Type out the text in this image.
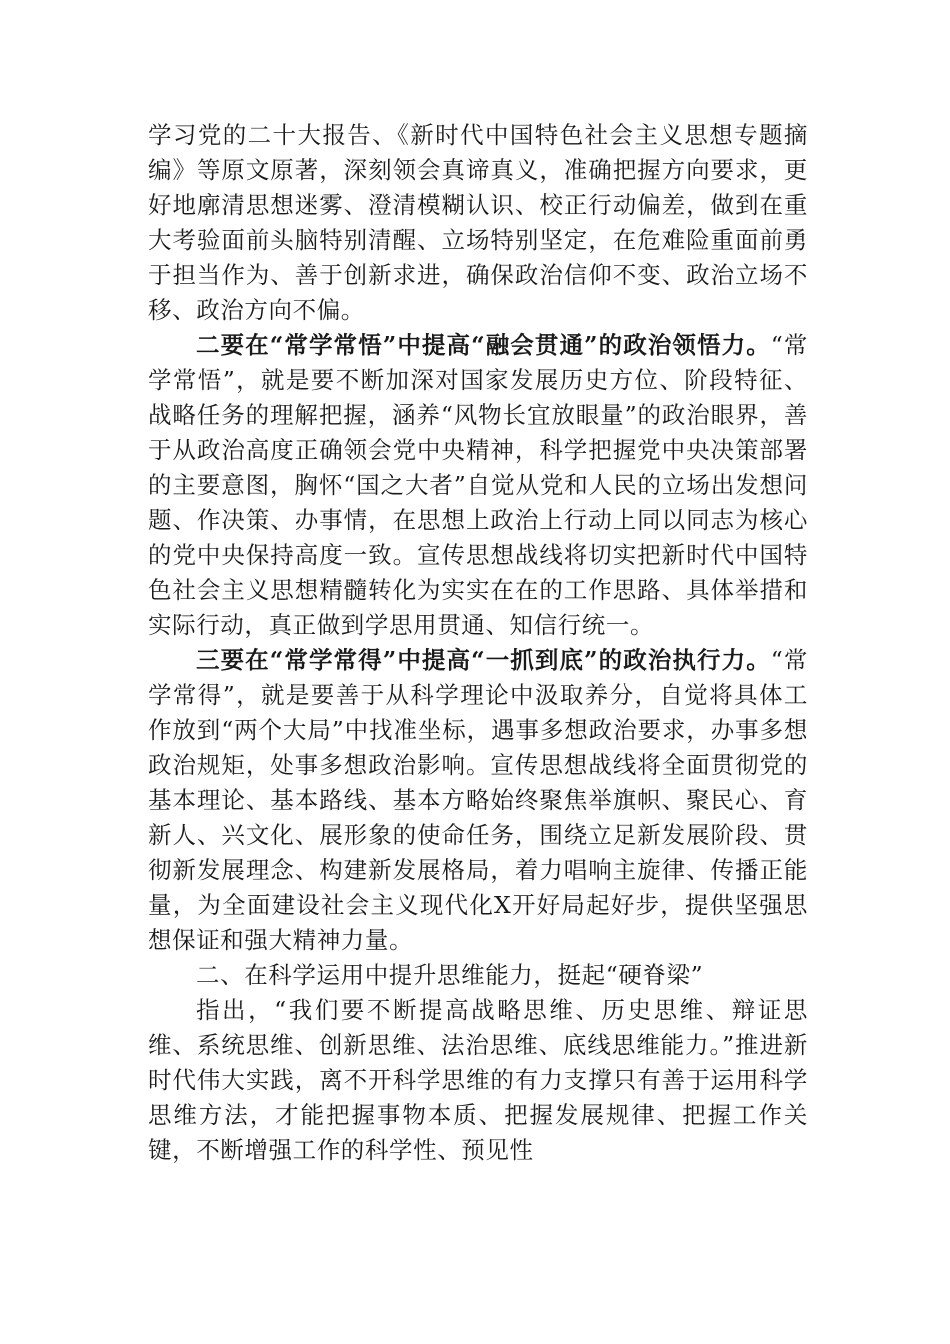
学习党的二十大报告、《新时代中国特色社会主义思想专题摘编》等原文原著，深刻领会真谛真义，准确把握方向要求，更好地廓清思想迷雾、澄清模糊认识、校正行动偏差，做到在重大考验面前头脑特别清醒、立场特别坚定，在危难险重面前勇于担当作为、善于创新求进，确保政治信仰不变、政治立场不移、政治方向不偏。

二要在“常学常悟”中提高“融会贯通”的政治领悟力。“常学常悟”，就是要不断加深对国家发展历史方位、阶段特征、战略任务的理解把握，涵养“风物长宜放眼量”的政治眼界，善于从政治高度正确领会党中央精神，科学把握党中央决策部署的主要意图，胸怀“国之大者”自觉从党和人民的立场出发想问题、作决策、办事情，在思想上政治上行动上同以同志为核心的党中央保持高度一致。宣传思想战线将切实把新时代中国特色社会主义思想精髓转化为实实在在的工作思路、具体举措和实际行动，真正做到学思用贯通、知信行统一。

三要在“常学常得”中提高“一抓到底”的政治执行力。“常学常得”，就是要善于从科学理论中汲取养分，自觉将具体工作放到“两个大局”中找准坐标，遇事多想政治要求，办事多想政治规矩，处事多想政治影响。宣传思想战线将全面贯彻党的基本理论、基本路线、基本方略始终聚焦举旗帜、聚民心、育新人、兴文化、展形象的使命任务，围绕立足新发展阶段、贯彻新发展理念、构建新发展格局，着力唱响主旋律、传播正能量，为全面建设社会主义现代化X开好局起好步，提供坚强思想保证和强大精神力量。

二、在科学运用中提升思维能力，挺起“硬脊梁”

指出，“我们要不断提高战略思维、历史思维、辩证思维、系统思维、创新思维、法治思维、底线思维能力。”推进新时代伟大实践，离不开科学思维的有力支撑只有善于运用科学思维方法，才能把握事物本质、把握发展规律、把握工作关键，不断增强工作的科学性、预见性
